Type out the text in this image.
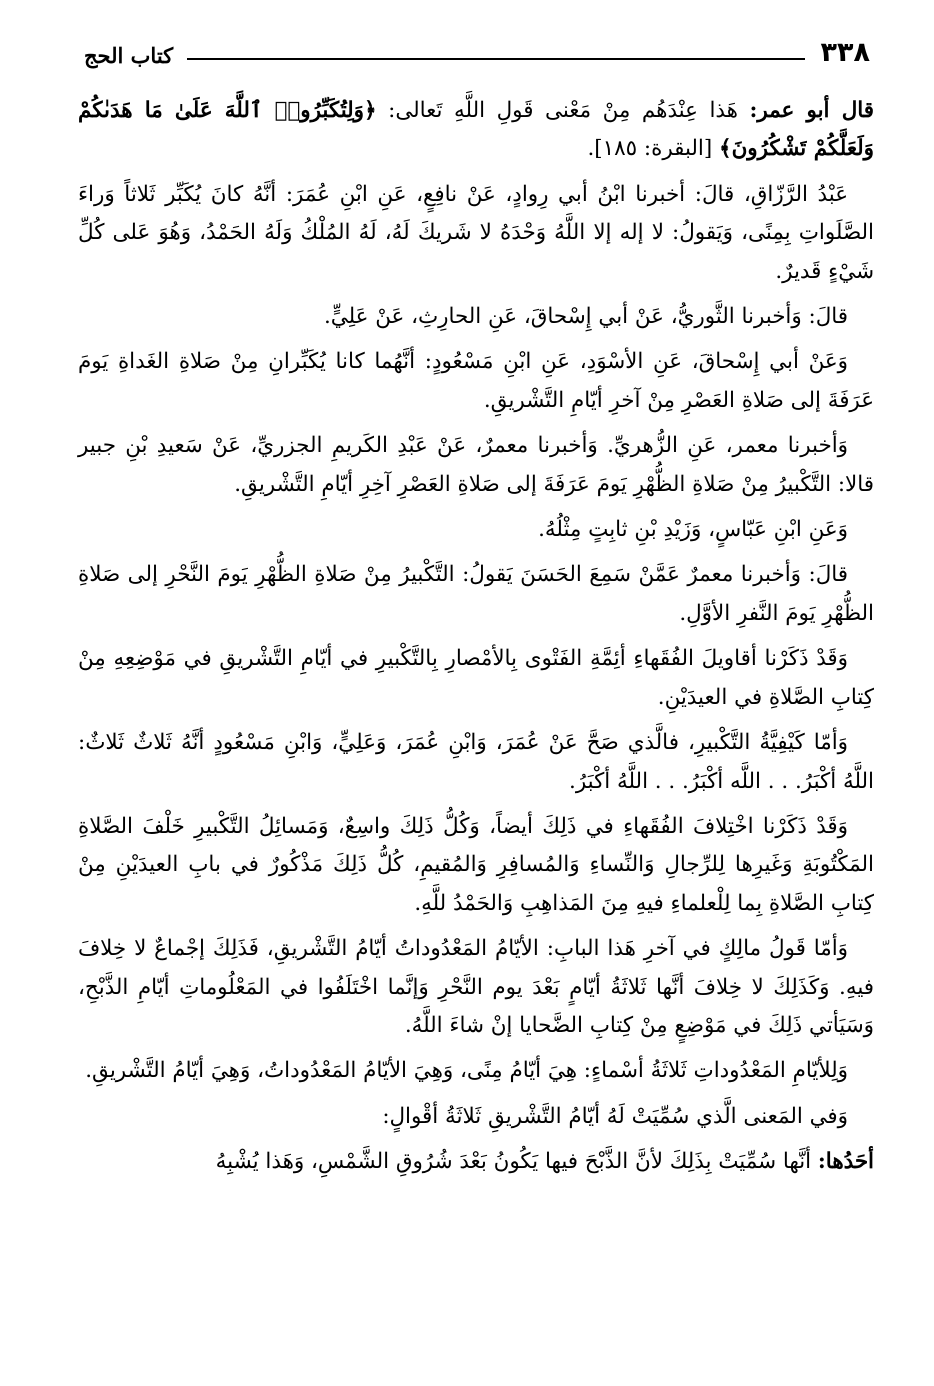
٣٣٨
كتاب الحج

قال أبو عمر: هَذا عِنْدَهُم مِنْ مَعْنى قَولِ اللَّهِ تَعالى: ﴿وَلِتُكَبِّرُوا۟ ٱللَّهَ عَلَىٰ مَا هَدَىٰكُمْ وَلَعَلَّكُمْ تَشْكُرُونَ﴾ [البقرة: ١٨٥].

عَبْدُ الرَّزّاقِ، قالَ: أخبرنا ابْنُ أبي رِوادٍ، عَنْ نافِعٍ، عَنِ ابْنِ عُمَرَ: أنَّهُ كانَ يُكَبِّر ثَلاثاً وَراءَ الصَّلَواتِ بِمِنًى، وَيَقولُ: لا إله إلا اللَّهُ وَحْدَهُ لا شَريكَ لَهُ، لَهُ المُلْكُ وَلَهُ الحَمْدُ، وَهُوَ عَلى كُلِّ شَيْءٍ قَديرٌ.

قالَ: وَأخبرنا الثَّوريُّ، عَنْ أبي إِسْحاقَ، عَنِ الحارِثِ، عَنْ عَلِيٍّ.

وَعَنْ أبي إِسْحاقَ، عَنِ الأسْوَدِ، عَنِ ابْنِ مَسْعُودٍ: أنَّهُما كانا يُكَبِّرانِ مِنْ صَلاةِ الغَداةِ يَومَ عَرَفَةَ إلى صَلاةِ العَصْرِ مِنْ آخرِ أيّامِ التَّشْريقِ.

وَأخبرنا معمر، عَنِ الزُّهريِّ. وَأخبرنا معمرٌ، عَنْ عَبْدِ الكَريمِ الجزريِّ، عَنْ سَعيدِ بْنِ جبير قالا: التَّكْبيرُ مِنْ صَلاةِ الظُّهْرِ يَومَ عَرَفَةَ إلى صَلاةِ العَصْرِ آخِرِ أيّامِ التَّشْريقِ.

وَعَنِ ابْنِ عَبّاسٍ، وَزَيْدِ بْنِ ثابِتٍ مِثْلُهُ.

قالَ: وَأخبرنا معمرٌ عَمَّنْ سَمِعَ الحَسَنَ يَقولُ: التَّكْبيرُ مِنْ صَلاةِ الظُّهْرِ يَومَ النَّحْرِ إلى صَلاةِ الظُّهْرِ يَومَ النَّفرِ الأوَّلِ.

وَقَدْ ذَكَرْنا أقاويلَ الفُقَهاءِ أئِمَّةِ الفَتْوى بِالأمْصارِ بِالتَّكْبيرِ في أيّامِ التَّشْريقِ في مَوْضِعِهِ مِنْ كِتابِ الصَّلاةِ في العيدَيْنِ.

وَأمّا كَيْفِيَّةُ التَّكْبيرِ، فالَّذي صَحَّ عَنْ عُمَرَ، وَابْنِ عُمَرَ، وَعَلِيٍّ، وَابْنِ مَسْعُودٍ أنَّهُ ثَلاثٌ ثَلاثٌ: اللَّهُ أكْبَرُ. . . اللَّه أكْبَرُ. . . اللَّهُ أكْبَرُ.

وَقَدْ ذَكَرْنا اخْتِلافَ الفُقَهاءِ في ذَلِكَ أيضاً، وَكُلُّ ذَلِكَ واسِعٌ، وَمَسائِلُ التَّكْبيرِ خَلْفَ الصَّلاةِ المَكْتُوبَةِ وَغَيرِها لِلرِّجالِ وَالنِّساءِ وَالمُسافِرِ وَالمُقيمِ، كُلُّ ذَلِكَ مَذْكُورٌ في بابِ العيدَيْنِ مِنْ كِتابِ الصَّلاةِ بِما لِلْعلماءِ فيهِ مِنَ المَذاهِبِ وَالحَمْدُ للَّهِ.

وَأمّا قَولُ مالِكٍ في آخرِ هَذا البابِ: الأيّامُ المَعْدُوداتُ أيّامُ التَّشْريقِ، فَذَلِكَ إجْماعٌ لا خِلافَ فيهِ. وَكَذَلِكَ لا خِلافَ أنَّها ثَلاثَةُ أيّامٍ بَعْدَ يوم النَّحْرِ وَإنَّما اخْتَلَفُوا في المَعْلُوماتِ أيّامِ الذَّبْحِ، وَسَيَأتي ذَلِكَ في مَوْضِعٍ مِنْ كِتابِ الضَّحايا إنْ شاءَ اللَّهُ.

وَلِلأيّامِ المَعْدُوداتِ ثَلاثَةُ أسْماءٍ: هِيَ أيّامُ مِنًى، وَهِيَ الأيّامُ المَعْدُوداتُ، وَهِيَ أيّامُ التَّشْريقِ.

وَفي المَعنى الَّذي سُمِّيَتْ لَهُ أيّامُ التَّشْريقِ ثَلاثَةُ أقْوالٍ:

أحَدُها: أنَّها سُمِّيَتْ بِذَلِكَ لأنَّ الذَّبْحَ فيها يَكُونُ بَعْدَ شُرُوقِ الشَّمْسِ، وَهَذا يُشْبِهُ
